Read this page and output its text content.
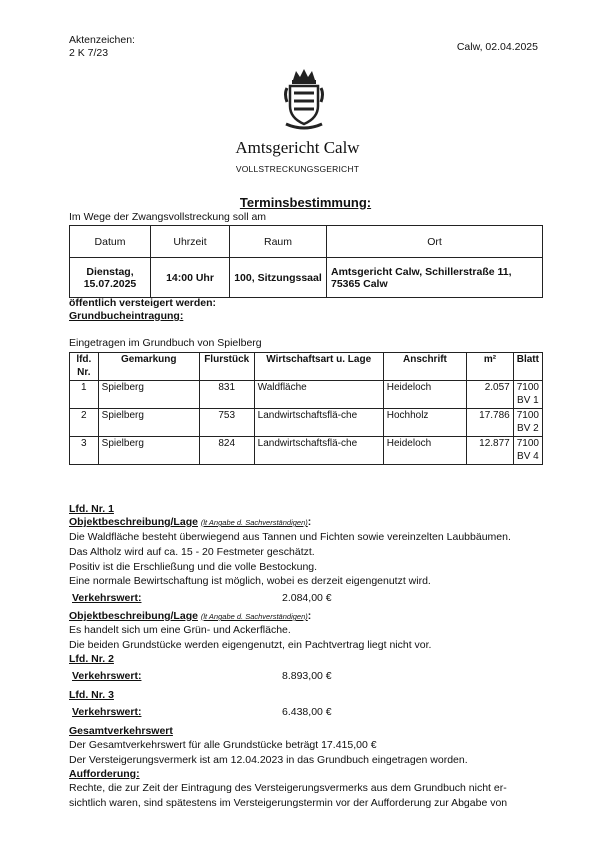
Aktenzeichen:
2 K 7/23	Calw, 02.04.2025
Amtsgericht Calw
VOLLSTRECKUNGSGERICHT
Terminsbestimmung:
Im Wege der Zwangsvollstreckung soll am
Datum	Uhrzeit	Raum	Ort
Dienstag, 15.07.2025	14:00 Uhr	100, Sitzungssaal	Amtsgericht Calw, Schillerstraße 11, 75365 Calw
öffentlich versteigert werden:
Grundbucheintragung:
Eingetragen im Grundbuch von Spielberg
lfd. Nr.	Gemarkung	Flurstück	Wirtschaftsart u. Lage	Anschrift	m²	Blatt
1	Spielberg	831	Waldfläche	Heideloch	2.057	7100 BV 1
2	Spielberg	753	Landwirtschaftsflä-che	Hochholz	17.786	7100 BV 2
3	Spielberg	824	Landwirtschaftsflä-che	Heideloch	12.877	7100 BV 4
Lfd. Nr. 1
Objektbeschreibung/Lage (lt Angabe d. Sachverständigen):
Die Waldfläche besteht überwiegend aus Tannen und Fichten sowie vereinzelten Laubbäumen.
Das Altholz wird auf ca. 15 - 20 Festmeter geschätzt.
Positiv ist die Erschließung und die volle Bestockung.
Eine normale Bewirtschaftung ist möglich, wobei es derzeit eigengenutzt wird.
Verkehrswert:	2.084,00 €
Objektbeschreibung/Lage (lt Angabe d. Sachverständigen):
Es handelt sich um eine Grün- und Ackerfläche.
Die beiden Grundstücke werden eigengenutzt, ein Pachtvertrag liegt nicht vor.
Lfd. Nr. 2
Verkehrswert:	8.893,00 €
Lfd. Nr. 3
Verkehrswert:	6.438,00 €
Gesamtverkehrswert
Der Gesamtverkehrswert für alle Grundstücke beträgt 17.415,00 €
Der Versteigerungsvermerk ist am 12.04.2023 in das Grundbuch eingetragen worden.
Aufforderung:
Rechte, die zur Zeit der Eintragung des Versteigerungsvermerks aus dem Grundbuch nicht er-
sichtlich waren, sind spätestens im Versteigerungstermin vor der Aufforderung zur Abgabe von
